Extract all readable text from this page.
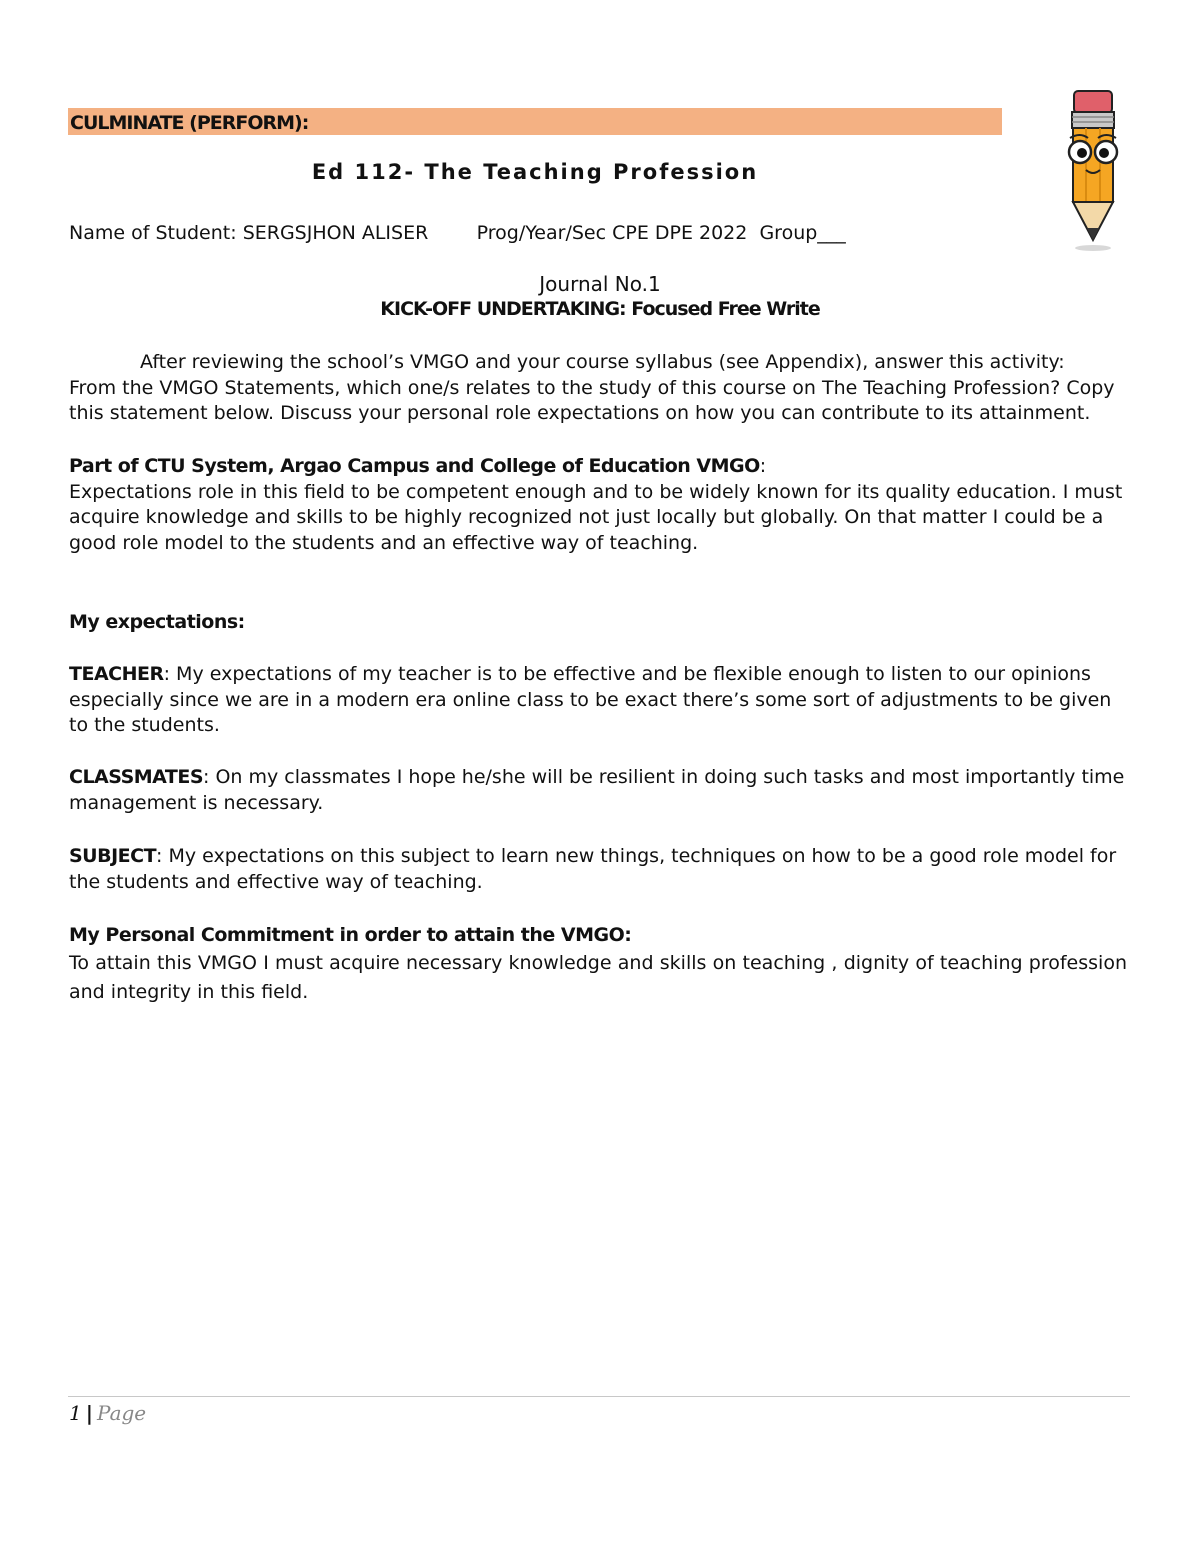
CULMINATE (PERFORM):
Ed 112- The Teaching Profession
Name of Student: SERGSJHON ALISER	Prog/Year/Sec CPE DPE 2022 Group___
Journal No.1
KICK-OFF UNDERTAKING: Focused Free Write
After reviewing the school’s VMGO and your course syllabus (see Appendix), answer this activity:
From the VMGO Statements, which one/s relates to the study of this course on The Teaching Profession? Copy this statement below. Discuss your personal role expectations on how you can contribute to its attainment.
Part of CTU System, Argao Campus and College of Education VMGO:
Expectations role in this field to be competent enough and to be widely known for its quality education. I must acquire knowledge and skills to be highly recognized not just locally but globally. On that matter I could be a good role model to the students and an effective way of teaching.
My expectations:
TEACHER: My expectations of my teacher is to be effective and be flexible enough to listen to our opinions especially since we are in a modern era online class to be exact there’s some sort of adjustments to be given to the students.
CLASSMATES: On my classmates I hope he/she will be resilient in doing such tasks and most importantly time management is necessary.
SUBJECT: My expectations on this subject to learn new things, techniques on how to be a good role model for the students and effective way of teaching.
My Personal Commitment in order to attain the VMGO:
To attain this VMGO I must acquire necessary knowledge and skills on teaching , dignity of teaching profession and integrity in this field.
1 | Page
